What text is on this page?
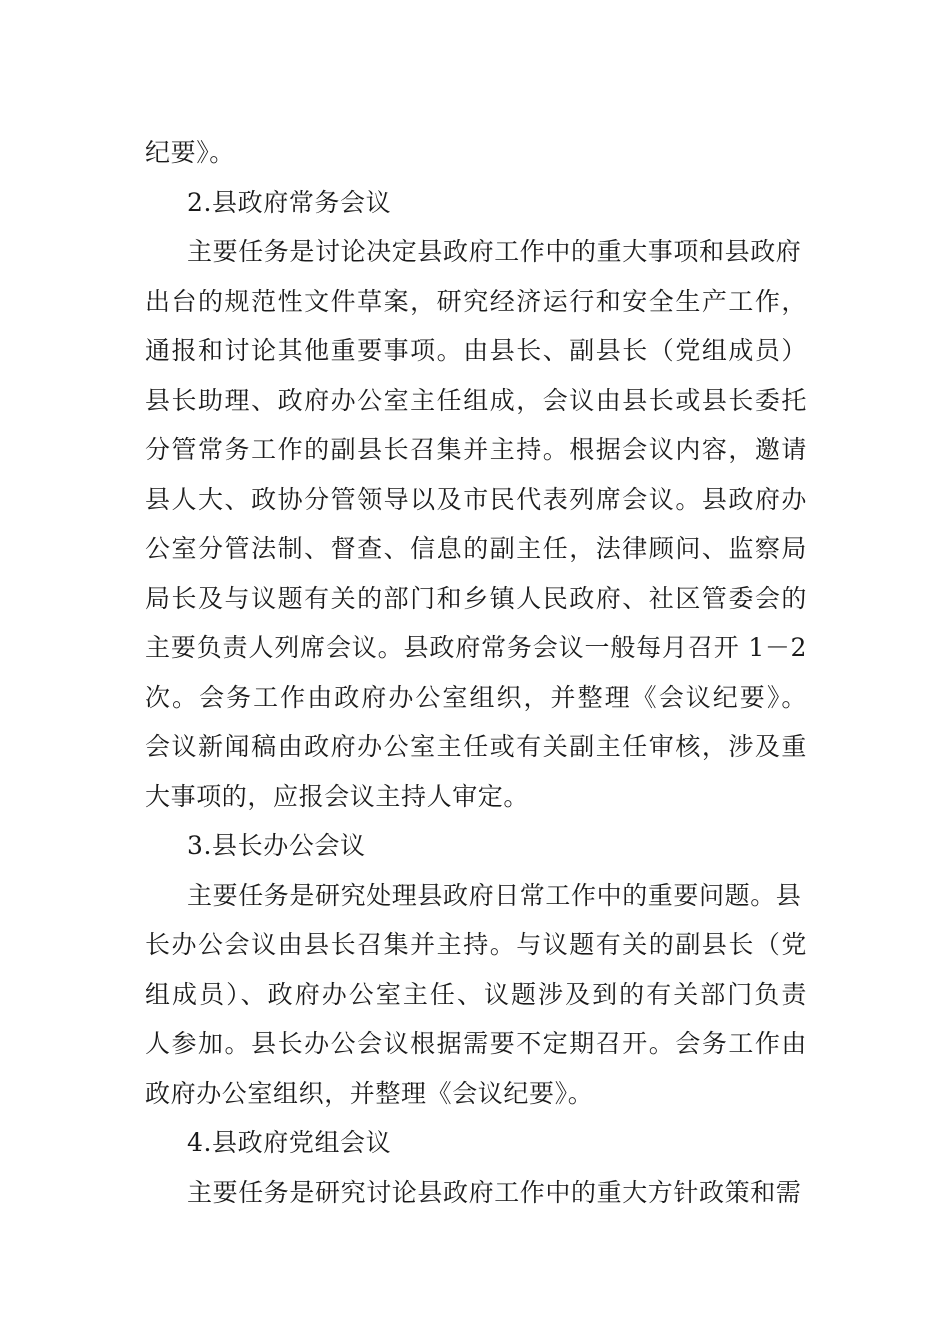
纪要》。
2.县政府常务会议
主要任务是讨论决定县政府工作中的重大事项和县政府
出台的规范性文件草案，研究经济运行和安全生产工作，
通报和讨论其他重要事项。由县长、副县长（党组成员）
县长助理、政府办公室主任组成，会议由县长或县长委托
分管常务工作的副县长召集并主持。根据会议内容，邀请
县人大、政协分管领导以及市民代表列席会议。县政府办
公室分管法制、督查、信息的副主任，法律顾问、监察局
局长及与议题有关的部门和乡镇人民政府、社区管委会的
主要负责人列席会议。县政府常务会议一般每月召开 1－2
次。会务工作由政府办公室组织，并整理《会议纪要》。
会议新闻稿由政府办公室主任或有关副主任审核，涉及重
大事项的，应报会议主持人审定。
3.县长办公会议
主要任务是研究处理县政府日常工作中的重要问题。县
长办公会议由县长召集并主持。与议题有关的副县长（党
组成员）、政府办公室主任、议题涉及到的有关部门负责
人参加。县长办公会议根据需要不定期召开。会务工作由
政府办公室组织，并整理《会议纪要》。
4.县政府党组会议
主要任务是研究讨论县政府工作中的重大方针政策和需
